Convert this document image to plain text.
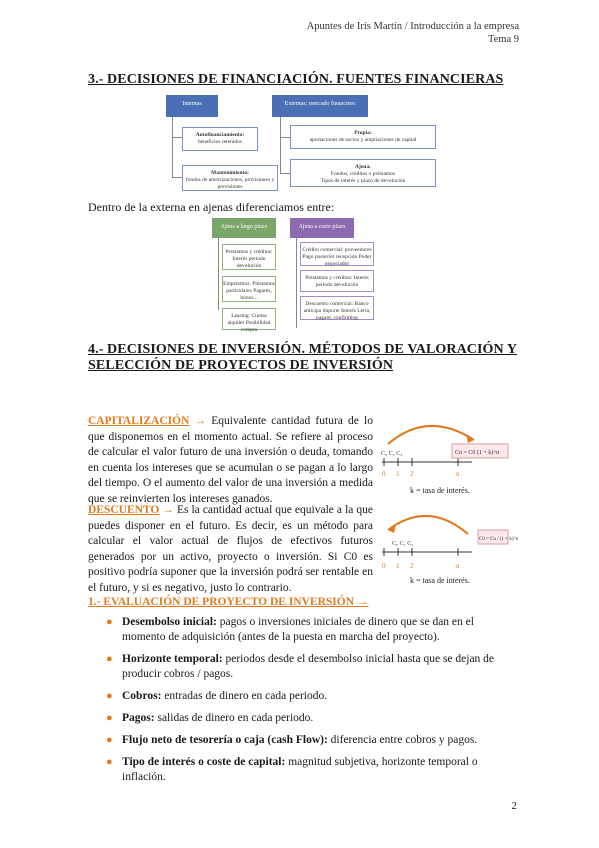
Apuntes de Iris Martín / Introducción a la empresa
Tema 9
3.- DECISIONES DE FINANCIACIÓN. FUENTES FINANCIERAS
Internas	Externas: mercado financiero
Autofinanciamiento:
beneficios retenidos
Mantenimiento:
fondos de amortizaciones, provisiones y previsiones
Propia:
aportaciones de socios y ampliaciones de capital
Ajena:
Fondos, créditos o préstamos
Tipos de interés y plazo de devolución
Dentro de la externa en ajenas diferenciamos entre:
Ajena a largo plazo	Ajena a corto plazo
Préstamos y créditos: Interés periodo devolución
Empréstitos: Préstamos particulares Pagarés, bonos...
Leasing: Cuotas alquiler Posibilidad compra
Crédito comercial: proveedores Pago posterior recepción Poder negociador
Préstamos y créditos: Interés periodo devolución
Descuento comercial: Banco anticipa importe Interés Letra, pagaré, confirming
4.- DECISIONES DE INVERSIÓN. MÉTODOS DE VALORACIÓN Y SELECCIÓN DE PROYECTOS DE INVERSIÓN
CAPITALIZACIÓN → Equivalente cantidad futura de lo que disponemos en el momento actual. Se refiere al proceso de calcular el valor futuro de una inversión o deuda, tomando en cuenta los intereses que se acumulan o se pagan a lo largo del tiempo. O el aumento del valor de una inversión a medida que se reinvierten los intereses ganados.
C₀ C₁ C₂	Cn = C0 (1 + k)^n
0 1 2	n
k = tasa de interés.
DESCUENTO → Es la cantidad actual que equivale a la que puedes disponer en el futuro. Es decir, es un método para calcular el valor actual de flujos de efectivos futuros generados por un activo, proyecto o inversión. Si C0 es positivo podría suponer que la inversión podrá ser rentable en el futuro, y si es negativo, justo lo contrario.
C₀ C₁ C₂
C0 = Cn / (1 + k)^n
0 1 2	n
k = tasa de interés.
1.- EVALUACIÓN DE PROYECTO DE INVERSIÓN →
● Desembolso inicial: pagos o inversiones iniciales de dinero que se dan en el momento de adquisición (antes de la puesta en marcha del proyecto).
● Horizonte temporal: periodos desde el desembolso inicial hasta que se dejan de producir cobros / pagos.
● Cobros: entradas de dinero en cada periodo.
● Pagos: salidas de dinero en cada periodo.
● Flujo neto de tesorería o caja (cash Flow): diferencia entre cobros y pagos.
● Tipo de interés o coste de capital: magnitud subjetiva, horizonte temporal o inflación.
2
